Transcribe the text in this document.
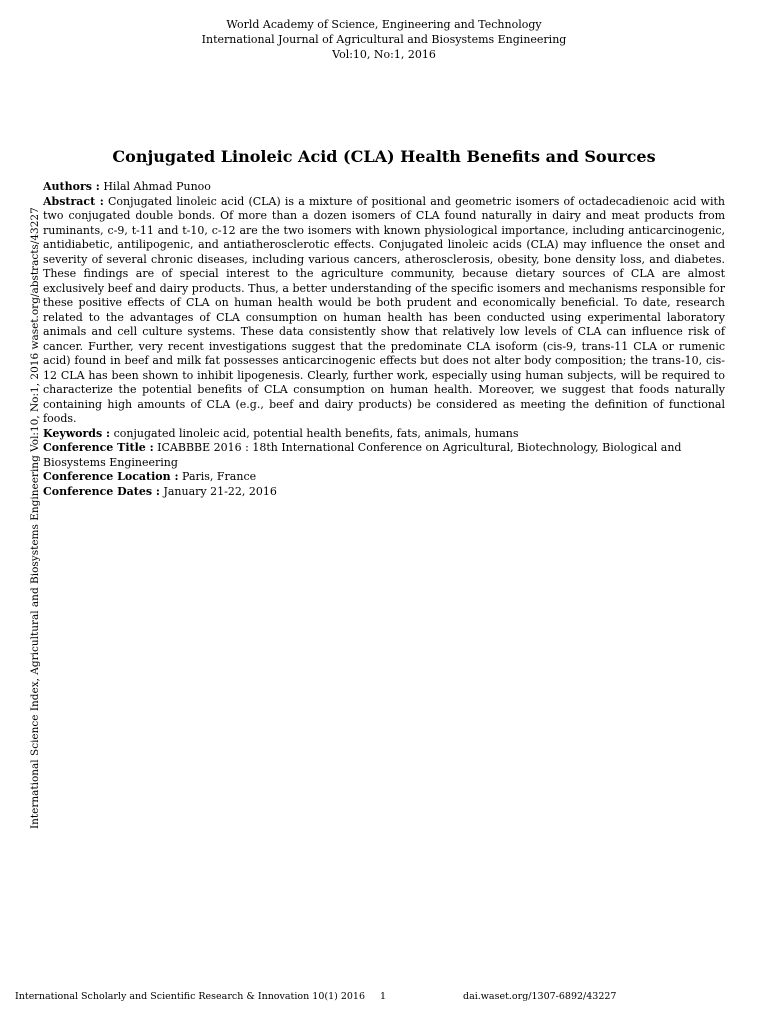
World Academy of Science, Engineering and Technology
International Journal of Agricultural and Biosystems Engineering
Vol:10, No:1, 2016
Conjugated Linoleic Acid (CLA) Health Benefits and Sources
International Science Index, Agricultural and Biosystems Engineering Vol:10, No:1, 2016 waset.org/abstracts/43227

Authors : Hilal Ahmad Punoo

Abstract : Conjugated linoleic acid (CLA) is a mixture of positional and geometric isomers of octadecadienoic acid with two conjugated double bonds. Of more than a dozen isomers of CLA found naturally in dairy and meat products from ruminants, c-9, t-11 and t-10, c-12 are the two isomers with known physiological importance, including anticarcinogenic, antidiabetic, antilipogenic, and antiatherosclerotic effects. Conjugated linoleic acids (CLA) may influence the onset and severity of several chronic diseases, including various cancers, atherosclerosis, obesity, bone density loss, and diabetes. These findings are of special interest to the agriculture community, because dietary sources of CLA are almost exclusively beef and dairy products. Thus, a better understanding of the specific isomers and mechanisms responsible for these positive effects of CLA on human health would be both prudent and economically beneficial. To date, research related to the advantages of CLA consumption on human health has been conducted using experimental laboratory animals and cell culture systems. These data consistently show that relatively low levels of CLA can influence risk of cancer. Further, very recent investigations suggest that the predominate CLA isoform (cis-9, trans-11 CLA or rumenic acid) found in beef and milk fat possesses anticarcinogenic effects but does not alter body composition; the trans-10, cis-12 CLA has been shown to inhibit lipogenesis. Clearly, further work, especially using human subjects, will be required to characterize the potential benefits of CLA consumption on human health. Moreover, we suggest that foods naturally containing high amounts of CLA (e.g., beef and dairy products) be considered as meeting the definition of functional foods.

Keywords : conjugated linoleic acid, potential health benefits, fats, animals, humans

Conference Title : ICABBBE 2016 : 18th International Conference on Agricultural, Biotechnology, Biological and Biosystems Engineering

Conference Location : Paris, France

Conference Dates : January 21-22, 2016

International Scholarly and Scientific Research & Innovation 10(1) 2016 1	dai.waset.org/1307-6892/43227
